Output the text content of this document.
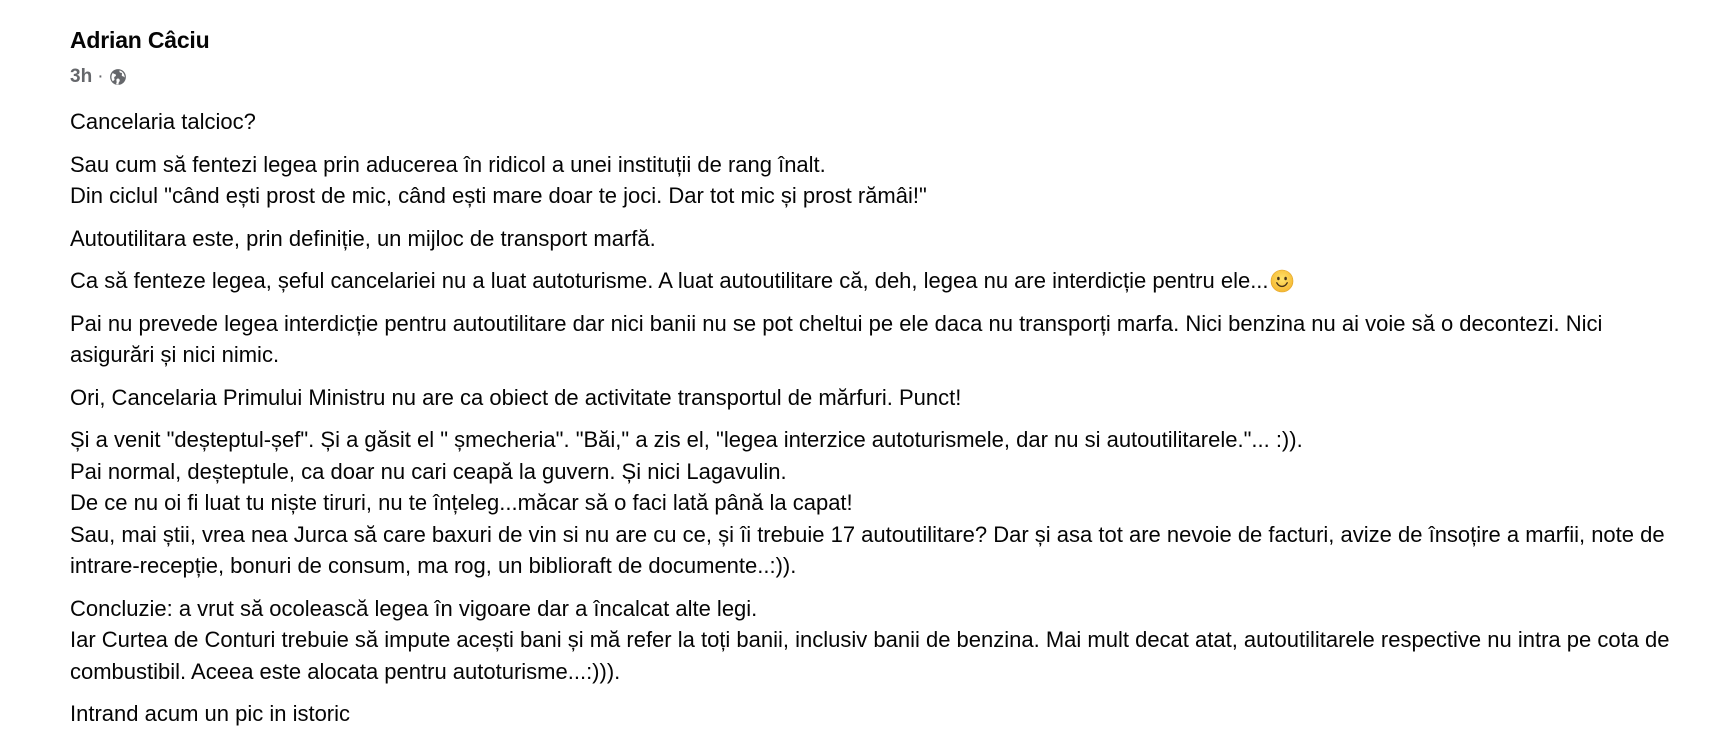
Adrian Câciu
3h ·

Cancelaria talcioc?

Sau cum să fentezi legea prin aducerea în ridicol a unei instituții de rang înalt.
Din ciclul "când ești prost de mic, când ești mare doar te joci. Dar tot mic și prost rămâi!"

Autoutilitara este, prin definiție, un mijloc de transport marfă.

Ca să fenteze legea, șeful cancelariei nu a luat autoturisme. A luat autoutilitare că, deh, legea nu are interdicție pentru ele...

Pai nu prevede legea interdicție pentru autoutilitare dar nici banii nu se pot cheltui pe ele daca nu transporți marfa. Nici benzina nu ai voie să o decontezi. Nici asigurări și nici nimic.

Ori, Cancelaria Primului Ministru nu are ca obiect de activitate transportul de mărfuri. Punct!

Și a venit "deșteptul-șef". Și a găsit el " șmecheria". "Băi," a zis el, "legea interzice autoturismele, dar nu si autoutilitarele."... :)).
Pai normal, deșteptule, ca doar nu cari ceapă la guvern. Și nici Lagavulin.
De ce nu oi fi luat tu niște tiruri, nu te înțeleg...măcar să o faci lată până la capat!
Sau, mai știi, vrea nea Jurca să care baxuri de vin si nu are cu ce, și îi trebuie 17 autoutilitare? Dar și asa tot are nevoie de facturi, avize de însoțire a marfii, note de intrare-recepție, bonuri de consum, ma rog, un biblioraft de documente..:)).

Concluzie: a vrut să ocolească legea în vigoare dar a încalcat alte legi.
Iar Curtea de Conturi trebuie să impute acești bani și mă refer la toți banii, inclusiv banii de benzina. Mai mult decat atat, autoutilitarele respective nu intra pe cota de combustibil. Aceea este alocata pentru autoturisme...:))).

Intrand acum un pic in istoric
